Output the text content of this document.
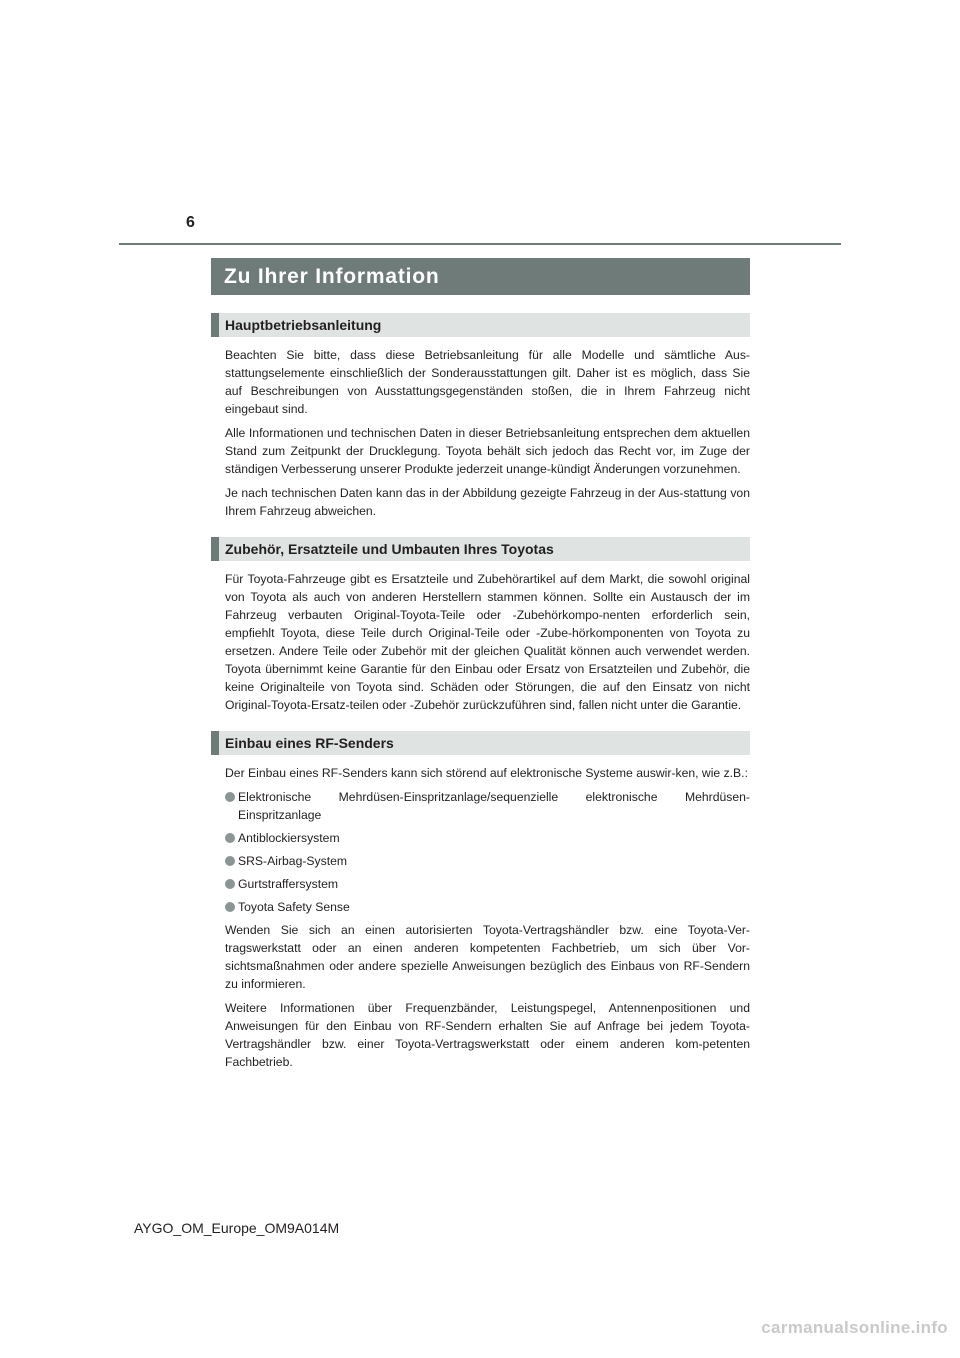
6
Zu Ihrer Information
Hauptbetriebsanleitung

Beachten Sie bitte, dass diese Betriebsanleitung für alle Modelle und sämtliche Aus-stattungselemente einschließlich der Sonderausstattungen gilt. Daher ist es möglich, dass Sie auf Beschreibungen von Ausstattungsgegenständen stoßen, die in Ihrem Fahrzeug nicht eingebaut sind.

Alle Informationen und technischen Daten in dieser Betriebsanleitung entsprechen dem aktuellen Stand zum Zeitpunkt der Drucklegung. Toyota behält sich jedoch das Recht vor, im Zuge der ständigen Verbesserung unserer Produkte jederzeit unange-kündigt Änderungen vorzunehmen.

Je nach technischen Daten kann das in der Abbildung gezeigte Fahrzeug in der Aus-stattung von Ihrem Fahrzeug abweichen.

Zubehör, Ersatzteile und Umbauten Ihres Toyotas

Für Toyota-Fahrzeuge gibt es Ersatzteile und Zubehörartikel auf dem Markt, die sowohl original von Toyota als auch von anderen Herstellern stammen können. Sollte ein Austausch der im Fahrzeug verbauten Original-Toyota-Teile oder -Zubehörkompo-nenten erforderlich sein, empfiehlt Toyota, diese Teile durch Original-Teile oder -Zube-hörkomponenten von Toyota zu ersetzen. Andere Teile oder Zubehör mit der gleichen Qualität können auch verwendet werden. Toyota übernimmt keine Garantie für den Einbau oder Ersatz von Ersatzteilen und Zubehör, die keine Originalteile von Toyota sind. Schäden oder Störungen, die auf den Einsatz von nicht Original-Toyota-Ersatz-teilen oder -Zubehör zurückzuführen sind, fallen nicht unter die Garantie.

Einbau eines RF-Senders

Der Einbau eines RF-Senders kann sich störend auf elektronische Systeme auswir-ken, wie z.B.:

Elektronische Mehrdüsen-Einspritzanlage/sequenzielle elektronische Mehrdüsen-Einspritzanlage
Antiblockiersystem
SRS-Airbag-System
Gurtstraffersystem
Toyota Safety Sense

Wenden Sie sich an einen autorisierten Toyota-Vertragshändler bzw. eine Toyota-Ver-tragswerkstatt oder an einen anderen kompetenten Fachbetrieb, um sich über Vor-sichtsmaßnahmen oder andere spezielle Anweisungen bezüglich des Einbaus von RF-Sendern zu informieren.

Weitere Informationen über Frequenzbänder, Leistungspegel, Antennenpositionen und Anweisungen für den Einbau von RF-Sendern erhalten Sie auf Anfrage bei jedem Toyota-Vertragshändler bzw. einer Toyota-Vertragswerkstatt oder einem anderen kom-petenten Fachbetrieb.

AYGO_OM_Europe_OM9A014M
carmanualsonline.info
